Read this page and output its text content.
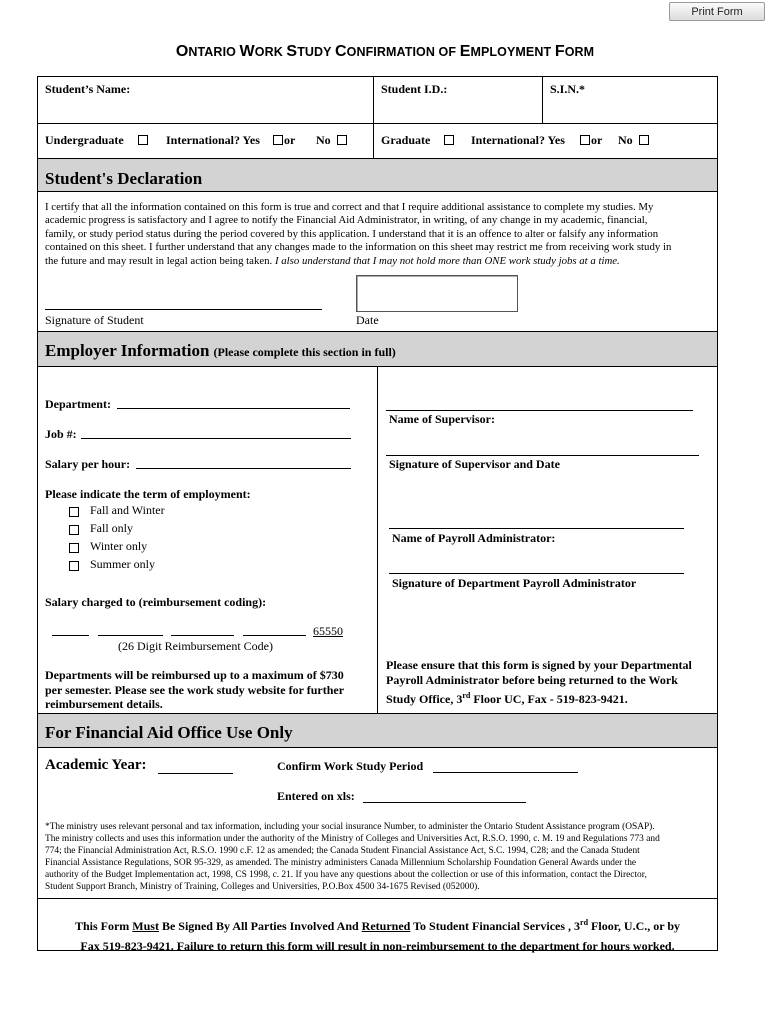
Print Form
ONTARIO WORK STUDY CONFIRMATION OF EMPLOYMENT FORM
Student’s Name:	Student I.D.:	S.I.N.*
Undergraduate	International? Yes or No	Graduate	International? Yes or No
Student's Declaration
I certify that all the information contained on this form is true and correct and that I require additional assistance to complete my studies. My
academic progress is satisfactory and I agree to notify the Financial Aid Administrator, in writing, of any change in my academic, financial,
family, or study period status during the period covered by this application. I understand that it is an offence to alter or falsify any information
contained on this sheet. I further understand that any changes made to the information on this sheet may restrict me from receiving work study in
the future and may result in legal action being taken. I also understand that I may not hold more than ONE work study jobs at a time.
Signature of Student	Date
Employer Information (Please complete this section in full)
Department:
Job #:
Salary per hour:
Please indicate the term of employment:
Fall and Winter
Fall only
Winter only
Summer only
Salary charged to (reimbursement coding):
65550
(26 Digit Reimbursement Code)
Departments will be reimbursed up to a maximum of $730
per semester. Please see the work study website for further
reimbursement details.
Name of Supervisor:
Signature of Supervisor and Date
Name of Payroll Administrator:
Signature of Department Payroll Administrator
Please ensure that this form is signed by your Departmental
Payroll Administrator before being returned to the Work
Study Office, 3rd Floor UC, Fax - 519-823-9421.
For Financial Aid Office Use Only
Academic Year:	Confirm Work Study Period
Entered on xls:
*The ministry uses relevant personal and tax information, including your social insurance Number, to administer the Ontario Student Assistance program (OSAP).
The ministry collects and uses this information under the authority of the Ministry of Colleges and Universities Act, R.S.O. 1990, c. M. 19 and Regulations 773 and
774; the Financial Administration Act, R.S.O. 1990 c.F. 12 as amended; the Canada Student Financial Assistance Act, S.C. 1994, C28; and the Canada Student
Financial Assistance Regulations, SOR 95-329, as amended. The ministry administers Canada Millennium Scholarship Foundation General Awards under the
authority of the Budget Implementation act, 1998, CS 1998, c. 21. If you have any questions about the collection or use of this information, contact the Director,
Student Support Branch, Ministry of Training, Colleges and Universities, P.O.Box 4500 34-1675 Revised (052000).
This Form Must Be Signed By All Parties Involved And Returned To Student Financial Services , 3rd Floor, U.C., or by
Fax 519-823-9421. Failure to return this form will result in non-reimbursement to the department for hours worked.
